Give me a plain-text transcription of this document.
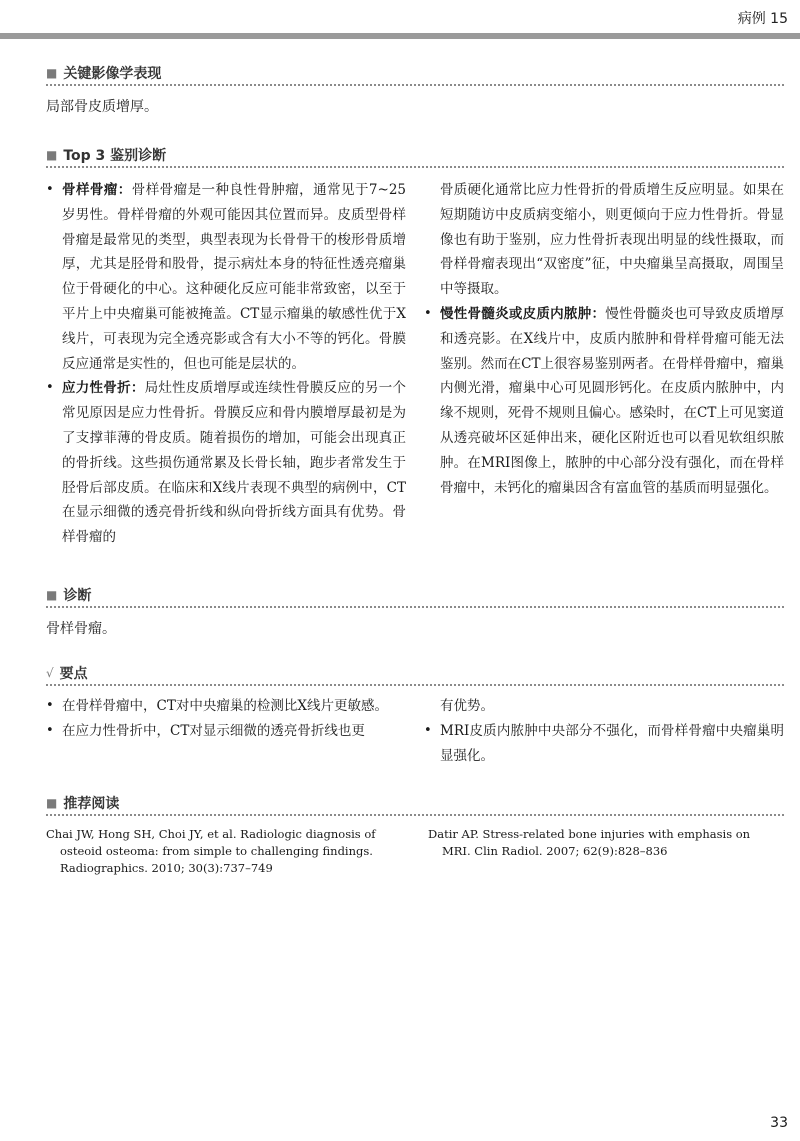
病例 15
■ 关键影像学表现
局部骨皮质增厚。
■ Top 3 鉴别诊断

• 骨样骨瘤：骨样骨瘤是一种良性骨肿瘤，通常见于7~25岁男性。骨样骨瘤的外观可能因其位置而异。皮质型骨样骨瘤是最常见的类型，典型表现为长骨骨干的梭形骨质增厚，尤其是胫骨和股骨，提示病灶本身的特征性透亮瘤巢位于骨硬化的中心。这种硬化反应可能非常致密，以至于平片上中央瘤巢可能被掩盖。CT显示瘤巢的敏感性优于X线片，可表现为完全透亮影或含有大小不等的钙化。骨膜反应通常是实性的，但也可能是层状的。

• 应力性骨折：局灶性皮质增厚或连续性骨膜反应的另一个常见原因是应力性骨折。骨膜反应和骨内膜增厚最初是为了支撑菲薄的骨皮质。随着损伤的增加，可能会出现真正的骨折线。这些损伤通常累及长骨长轴，跑步者常发生于胫骨后部皮质。在临床和X线片表现不典型的病例中，CT在显示细微的透亮骨折线和纵向骨折线方面具有优势。骨样骨瘤的

骨质硬化通常比应力性骨折的骨质增生反应明显。如果在短期随访中皮质病变缩小，则更倾向于应力性骨折。骨显像也有助于鉴别，应力性骨折表现出明显的线性摄取，而骨样骨瘤表现出“双密度”征，中央瘤巢呈高摄取，周围呈中等摄取。

• 慢性骨髓炎或皮质内脓肿：慢性骨髓炎也可导致皮质增厚和透亮影。在X线片中，皮质内脓肿和骨样骨瘤可能无法鉴别。然而在CT上很容易鉴别两者。在骨样骨瘤中，瘤巢内侧光滑，瘤巢中心可见圆形钙化。在皮质内脓肿中，内缘不规则，死骨不规则且偏心。感染时，在CT上可见窦道从透亮破坏区延伸出来，硬化区附近也可以看见软组织脓肿。在MRI图像上，脓肿的中心部分没有强化，而在骨样骨瘤中，未钙化的瘤巢因含有富血管的基质而明显强化。

■ 诊断
骨样骨瘤。
√ 要点

• 在骨样骨瘤中，CT对中央瘤巢的检测比X线片更敏感。

• 在应力性骨折中，CT对显示细微的透亮骨折线也更

有优势。

• MRI皮质内脓肿中央部分不强化，而骨样骨瘤中央瘤巢明显强化。

■ 推荐阅读
Chai JW, Hong SH, Choi JY, et al. Radiologic diagnosis of osteoid osteoma: from simple to challenging findings. Radiographics. 2010; 30(3):737–749
Datir AP. Stress-related bone injuries with emphasis on MRI. Clin Radiol. 2007; 62(9):828–836
33
